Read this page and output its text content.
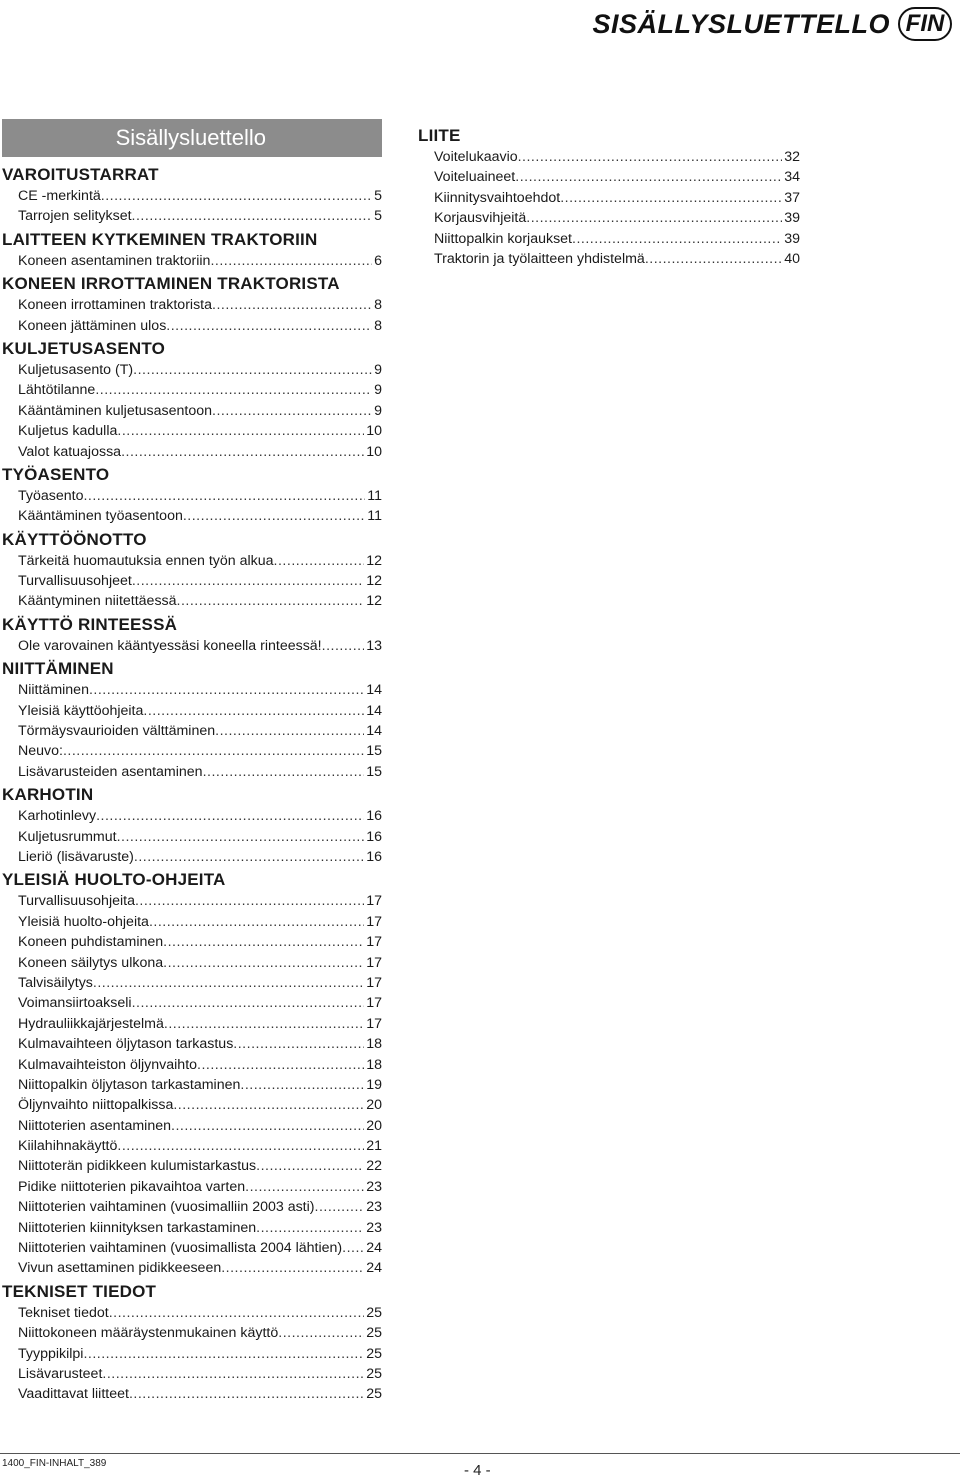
SISÄLLYSLUETTELLO FIN
Sisällysluettello
VAROITUSTARRAT
CE -merkintä .....	5
Tarrojen selitykset .....	5
LAITTEEN KYTKEMINEN TRAKTORIIN
Koneen asentaminen traktoriin .....	6
KONEEN IRROTTAMINEN TRAKTORISTA
Koneen irrottaminen traktorista .....	8
Koneen jättäminen ulos .....	8
KULJETUSASENTO
Kuljetusasento (T) .....	9
Lähtötilanne .....	9
Kääntäminen kuljetusasentoon .....	9
Kuljetus kadulla .....	10
Valot katuajossa .....	10
TYÖASENTO
Työasento .....	11
Kääntäminen työasentoon .....	11
KÄYTTÖÖNOTTO
Tärkeitä huomautuksia ennen työn alkua .....	12
Turvallisuusohjeet .....	12
Kääntyminen niitettäessä .....	12
KÄYTTÖ RINTEESSÄ
Ole varovainen kääntyessäsi koneella rinteessä! .....	13
NIITTÄMINEN
Niittäminen .....	14
Yleisiä käyttöohjeita .....	14
Törmäysvaurioiden välttäminen .....	14
Neuvo: .....	15
Lisävarusteiden asentaminen .....	15
KARHOTIN
Karhotinlevy .....	16
Kuljetusrummut .....	16
Lieriö (lisävaruste) .....	16
YLEISIÄ HUOLTO-OHJEITA
Turvallisuusohjeita .....	17
Yleisiä huolto-ohjeita .....	17
Koneen puhdistaminen .....	17
Koneen säilytys ulkona .....	17
Talvisäilytys .....	17
Voimansiirtoakseli .....	17
Hydrauliikkajärjestelmä .....	17
Kulmavaihteen öljytason tarkastus .....	18
Kulmavaihteiston öljynvaihto .....	18
Niittopalkin öljytason tarkastaminen .....	19
Öljynvaihto niittopalkissa .....	20
Niittoterien asentaminen .....	20
Kiilahihnakäyttö .....	21
Niittoterän pidikkeen kulumistarkastus .....	22
Pidike niittoterien pikavaihtoa varten .....	23
Niittoterien vaihtaminen (vuosimalliin 2003 asti) .....	23
Niittoterien kiinnityksen tarkastaminen .....	23
Niittoterien vaihtaminen (vuosimallista 2004 lähtien) ..... 24
Vivun asettaminen pidikkeeseen .....	24
TEKNISET TIEDOT
Tekniset tiedot .....	25
Niittokoneen määräystenmukainen käyttö .....	25
Tyyppikilpi .....	25
Lisävarusteet .....	25
Vaadittavat liitteet .....	25
LIITE
Voitelukaavio .....	32
Voiteluaineet .....	34
Kiinnitysvaihtoehdot .....	37
Korjausvihjeitä .....	39
Niittopalkin korjaukset .....	39
Traktorin ja työlaitteen yhdistelmä .....	40
1400_FIN-INHALT_389	- 4 -
